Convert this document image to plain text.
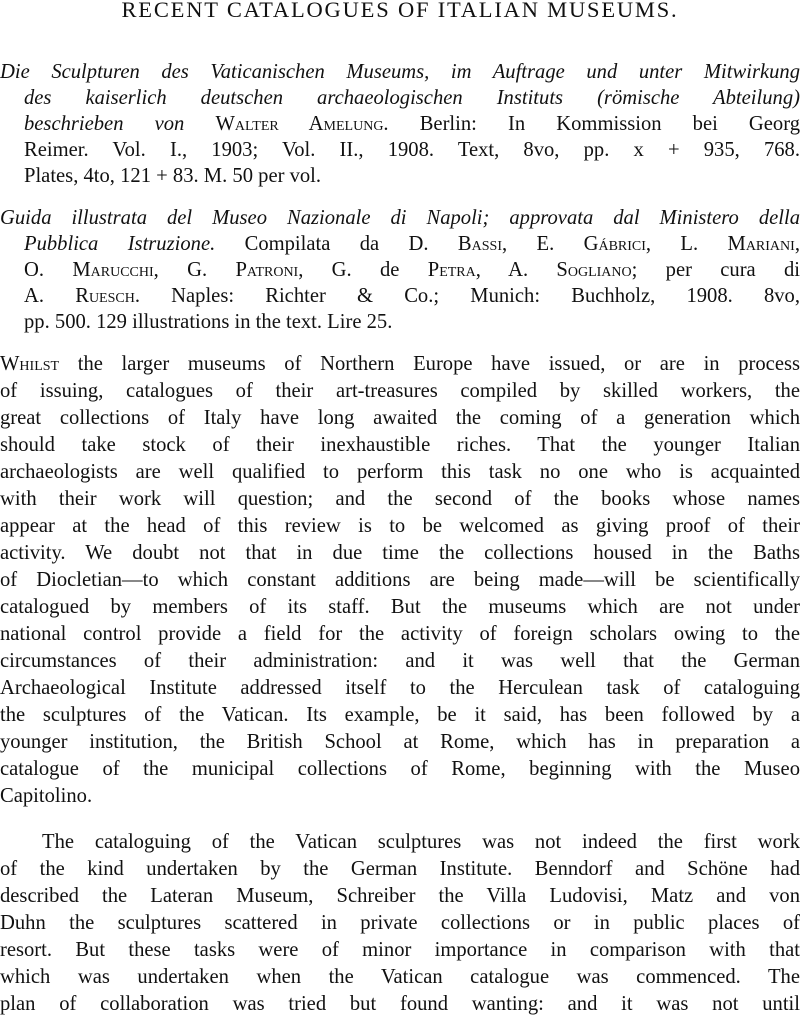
RECENT CATALOGUES OF ITALIAN MUSEUMS.
Die Sculpturen des Vaticanischen Museums, im Auftrage und unter Mitwirkung
des kaiserlich deutschen archaeologischen Instituts (römische Abteilung)
beschrieben von Walter Amelung. Berlin: In Kommission bei Georg
Reimer. Vol. I., 1903; Vol. II., 1908. Text, 8vo, pp. x + 935, 768.
Plates, 4to, 121 + 83. M. 50 per vol.
Guida illustrata del Museo Nazionale di Napoli; approvata dal Ministero della
Pubblica Istruzione. Compilata da D. Bassi, E. Gábrici, L. Mariani,
O. Marucchi, G. Patroni, G. de Petra, A. Sogliano; per cura di
A. Ruesch. Naples: Richter & Co.; Munich: Buchholz, 1908. 8vo,
pp. 500. 129 illustrations in the text. Lire 25.
Whilst the larger museums of Northern Europe have issued, or are in process
of issuing, catalogues of their art-treasures compiled by skilled workers, the
great collections of Italy have long awaited the coming of a generation which
should take stock of their inexhaustible riches. That the younger Italian
archaeologists are well qualified to perform this task no one who is acquainted
with their work will question; and the second of the books whose names
appear at the head of this review is to be welcomed as giving proof of their
activity. We doubt not that in due time the collections housed in the Baths
of Diocletian—to which constant additions are being made—will be scientifically
catalogued by members of its staff. But the museums which are not under
national control provide a field for the activity of foreign scholars owing to the
circumstances of their administration: and it was well that the German
Archaeological Institute addressed itself to the Herculean task of cataloguing
the sculptures of the Vatican. Its example, be it said, has been followed by a
younger institution, the British School at Rome, which has in preparation a
catalogue of the municipal collections of Rome, beginning with the Museo
Capitolino.
The cataloguing of the Vatican sculptures was not indeed the first work
of the kind undertaken by the German Institute. Benndorf and Schöne had
described the Lateran Museum, Schreiber the Villa Ludovisi, Matz and von
Duhn the sculptures scattered in private collections or in public places of
resort. But these tasks were of minor importance in comparison with that
which was undertaken when the Vatican catalogue was commenced. The
plan of collaboration was tried but found wanting: and it was not until
